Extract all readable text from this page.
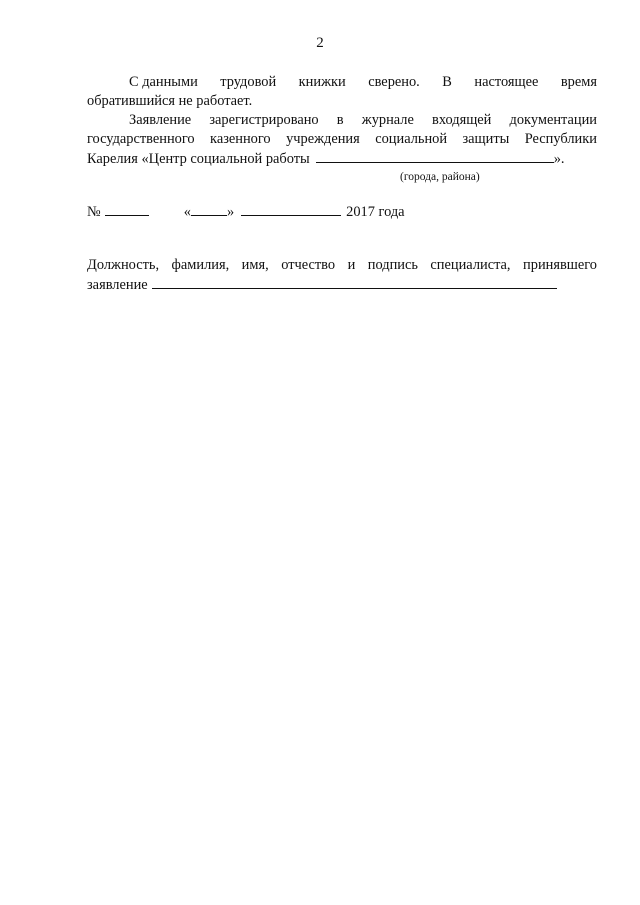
2
С данными трудовой книжки сверено. В настоящее время
обратившийся не работает.
Заявление зарегистрировано в журнале входящей документации
государственного казенного учреждения социальной защиты Республики
Карелия «Центр социальной работы	».
(города, района)
№	«	»	2017 года
Должность, фамилия, имя, отчество и подпись специалиста, принявшего
заявление
